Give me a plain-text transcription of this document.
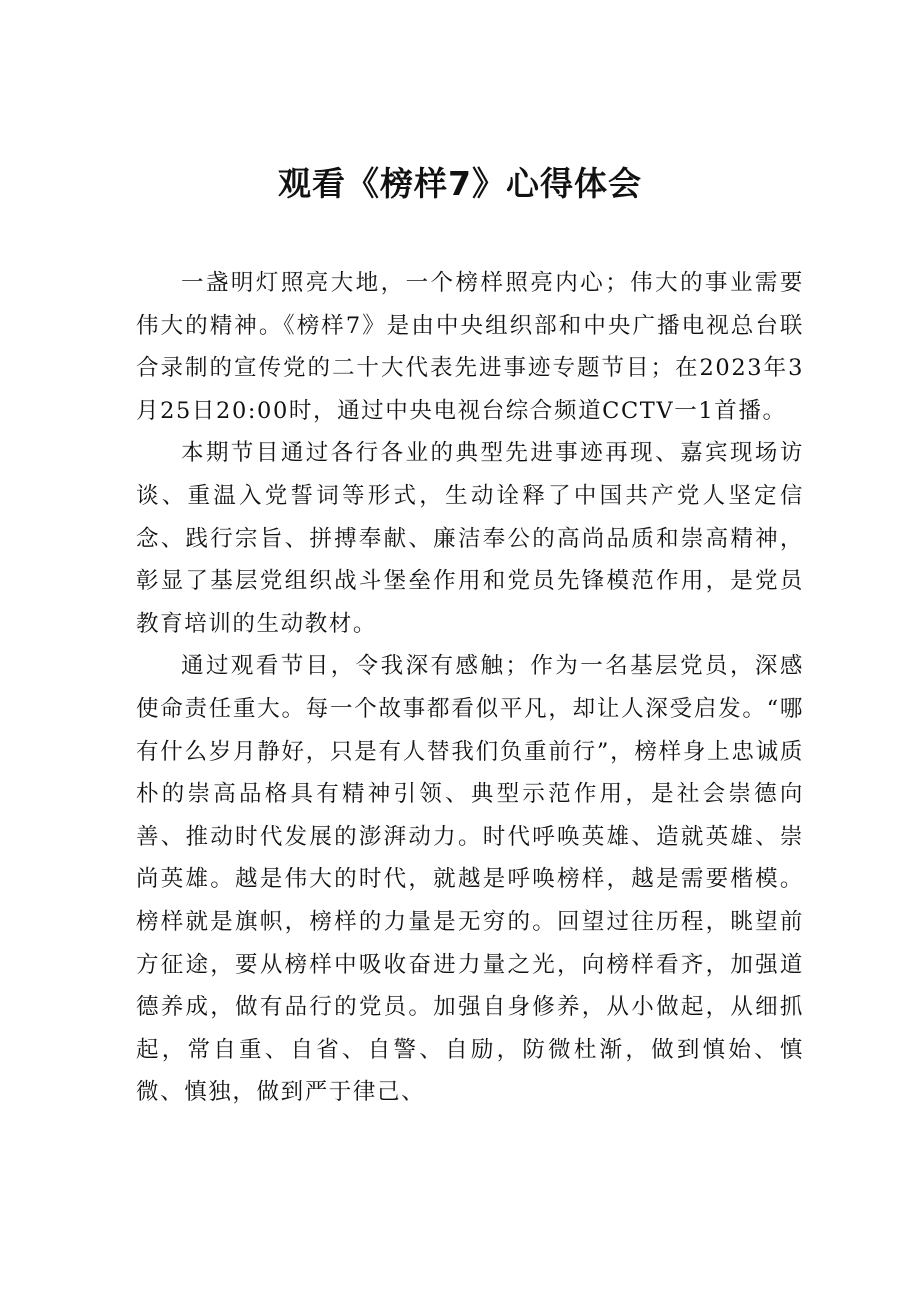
观看《榜样7》心得体会

一盏明灯照亮大地，一个榜样照亮内心；伟大的事业需要伟大的精神。《榜样7》是由中央组织部和中央广播电视总台联合录制的宣传党的二十大代表先进事迹专题节目；在2023年3月25日20:00时，通过中央电视台综合频道CCTV一1首播。

本期节目通过各行各业的典型先进事迹再现、嘉宾现场访谈、重温入党誓词等形式，生动诠释了中国共产党人坚定信念、践行宗旨、拼搏奉献、廉洁奉公的高尚品质和崇高精神，彰显了基层党组织战斗堡垒作用和党员先锋模范作用，是党员教育培训的生动教材。

通过观看节目，令我深有感触；作为一名基层党员，深感使命责任重大。每一个故事都看似平凡，却让人深受启发。“哪有什么岁月静好，只是有人替我们负重前行”，榜样身上忠诚质朴的崇高品格具有精神引领、典型示范作用，是社会崇德向善、推动时代发展的澎湃动力。时代呼唤英雄、造就英雄、崇尚英雄。越是伟大的时代，就越是呼唤榜样，越是需要楷模。榜样就是旗帜，榜样的力量是无穷的。回望过往历程，眺望前方征途，要从榜样中吸收奋进力量之光，向榜样看齐，加强道德养成，做有品行的党员。加强自身修养，从小做起，从细抓起，常自重、自省、自警、自励，防微杜渐，做到慎始、慎微、慎独，做到严于律己、
